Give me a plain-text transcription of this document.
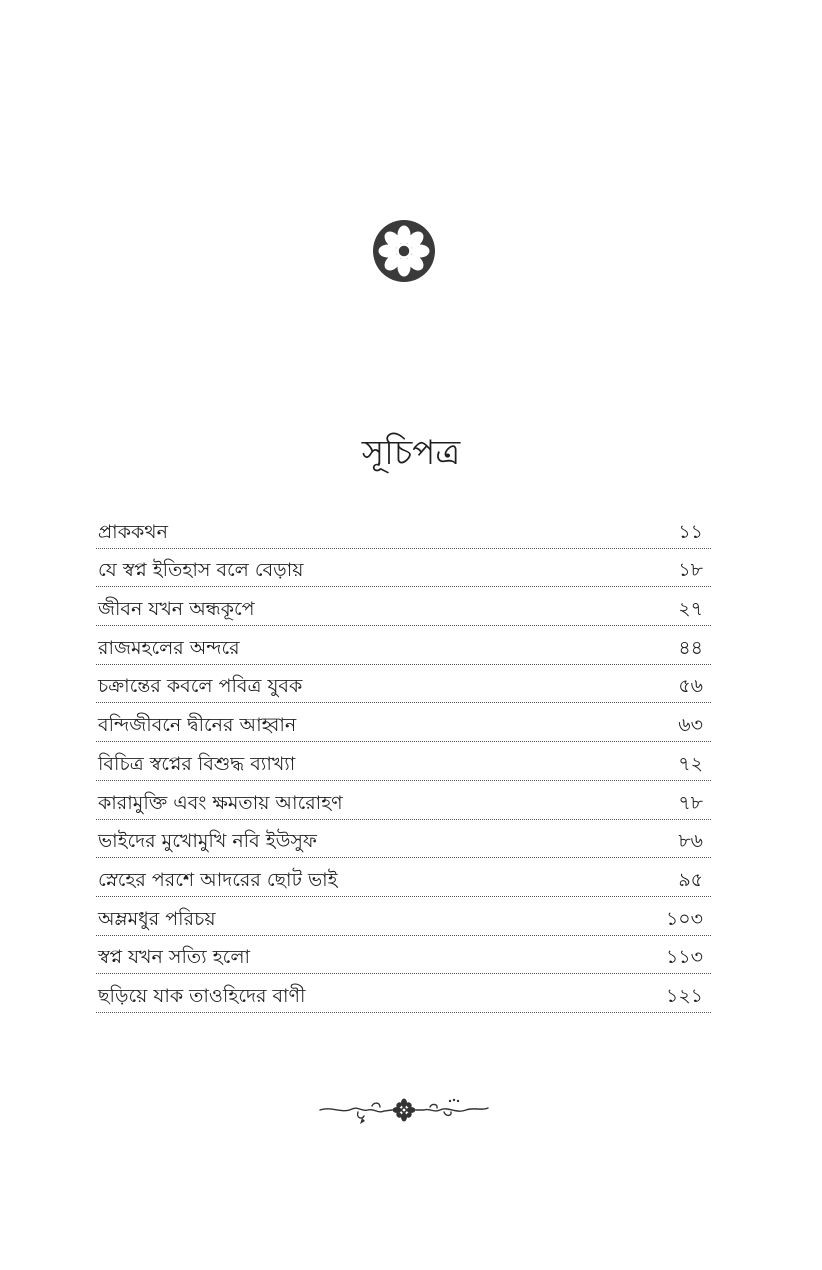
সূচিপত্র
প্রাককথন	১১
যে স্বপ্ন ইতিহাস বলে বেড়ায়	১৮
জীবন যখন অন্ধকূপে	২৭
রাজমহলের অন্দরে	৪৪
চক্রান্তের কবলে পবিত্র যুবক	৫৬
বন্দিজীবনে দ্বীনের আহ্বান	৬৩
বিচিত্র স্বপ্নের বিশুদ্ধ ব্যাখ্যা	৭২
কারামুক্তি এবং ক্ষমতায় আরোহণ	৭৮
ভাইদের মুখোমুখি নবি ইউসুফ	৮৬
স্নেহের পরশে আদরের ছোট ভাই	৯৫
অম্লমধুর পরিচয়	১০৩
স্বপ্ন যখন সত্যি হলো	১১৩
ছড়িয়ে যাক তাওহিদের বাণী	১২১
